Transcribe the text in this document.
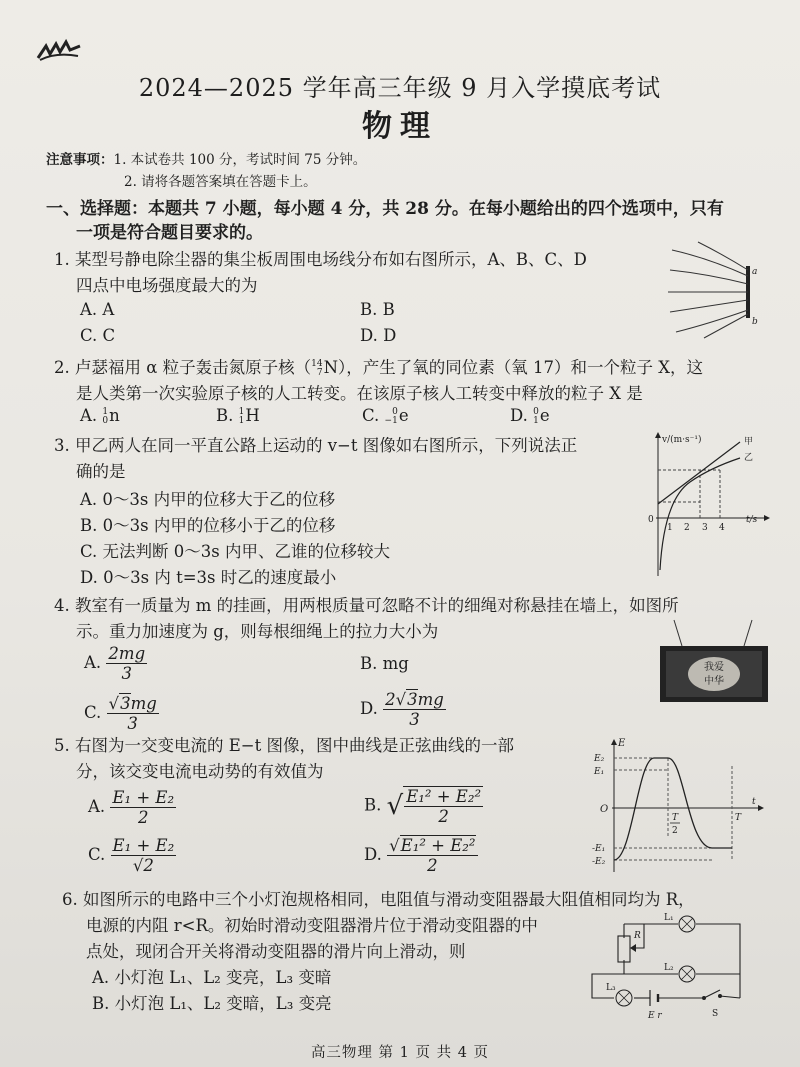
2024—2025 学年高三年级 9 月入学摸底考试
物理
注意事项：1. 本试卷共 100 分，考试时间 75 分钟。
2. 请将各题答案填在答题卡上。
一、选择题：本题共 7 小题，每小题 4 分，共 28 分。在每小题给出的四个选项中，只有
一项是符合题目要求的。
1. 某型号静电除尘器的集尘板周围电场线分布如右图所示，A、B、C、D
四点中电场强度最大的为
A. A	B. B
C. C	D. D
a
b
2. 卢瑟福用 α 粒子轰击氮原子核（14
7N），产生了氧的同位素（氧 17）和一个粒子 X，这
是人类第一次实验原子核的人工转变。在该原子核人工转变中释放的粒子 X 是
A. 1
0n	B. 1
1H	C. 0
−1e	D. 0
1e
3. 甲乙两人在同一平直公路上运动的 v−t 图像如右图所示，下列说法正
确的是
A. 0～3s 内甲的位移大于乙的位移
B. 0～3s 内甲的位移小于乙的位移
C. 无法判断 0～3s 内甲、乙谁的位移较大
D. 0～3s 内 t=3s 时乙的速度最小
v/(m·s⁻¹)
0
1 2 3 4
t/s
甲
乙
4. 教室有一质量为 m 的挂画，用两根质量可忽略不计的细绳对称悬挂在墙上，如图所
示。重力加速度为 g，则每根细绳上的拉力大小为
A. $\frac{2mg}{3}$	B. mg
C. $\frac{√3mg}{3}$	D. $\frac{2√3mg}{3}$
我爱
中华
5. 右图为一交变电流的 E−t 图像，图中曲线是正弦曲线的一部
分，该交变电流电动势的有效值为
A. $\frac{\text{E₁ + E₂}}{2}$	B. √ $\frac{\text{E₁² + E₂²}}{2}$
C. $\frac{\text{E₁ + E₂}}{√2}$	D. $\frac{\text{√E₁² + E₂²}}{2}$
E
O
E₂
E₁
-E₁
-E₂
T
2
T
t
6. 如图所示的电路中三个小灯泡规格相同，电阻值与滑动变阻器最大阻值相同均为 R，
电源的内阻 r<R。初始时滑动变阻器滑片位于滑动变阻器的中
点处，现闭合开关将滑动变阻器的滑片向上滑动，则
A. 小灯泡 L₁、L₂ 变亮，L₃ 变暗
B. 小灯泡 L₁、L₂ 变暗，L₃ 变亮
L₁
L₂
L₃
R
E r	S
高三物理 第 1 页 共 4 页
